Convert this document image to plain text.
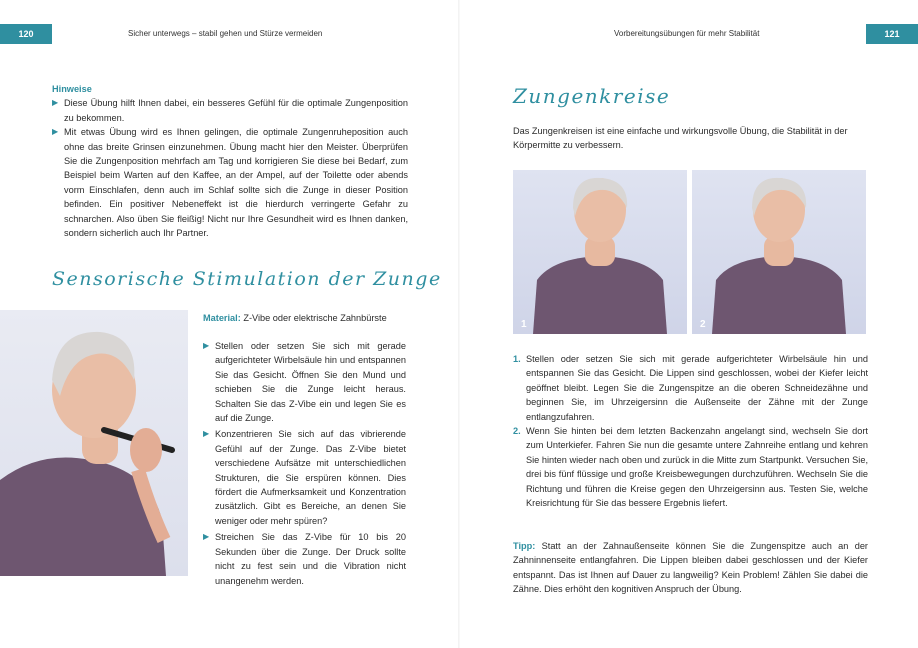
120	Sicher unterwegs – stabil gehen und Stürze vermeiden
Hinweise
▶ Diese Übung hilft Ihnen dabei, ein besseres Gefühl für die optimale Zungenposition zu bekommen.
▶ Mit etwas Übung wird es Ihnen gelingen, die optimale Zungenruheposition auch ohne das breite Grinsen einzunehmen. Übung macht hier den Meister. Überprüfen Sie die Zungenposition mehrfach am Tag und korrigieren Sie diese bei Bedarf, zum Beispiel beim Warten auf den Kaffee, an der Ampel, auf der Toilette oder abends vorm Einschlafen, denn auch im Schlaf sollte sich die Zunge in dieser Position befinden. Ein positiver Nebeneffekt ist die hierdurch verringerte Gefahr zu schnarchen. Also üben Sie fleißig! Nicht nur Ihre Gesundheit wird es Ihnen danken, sondern sicherlich auch Ihr Partner.
Sensorische Stimulation der Zunge
Material: Z-Vibe oder elektrische Zahnbürste
▶ Stellen oder setzen Sie sich mit gerade aufgerichteter Wirbelsäule hin und entspannen Sie das Gesicht. Öffnen Sie den Mund und schieben Sie die Zunge leicht heraus. Schalten Sie das Z-Vibe ein und legen Sie es auf die Zunge.
▶ Konzentrieren Sie sich auf das vibrierende Gefühl auf der Zunge. Das Z-Vibe bietet verschiedene Aufsätze mit unterschiedlichen Strukturen, die Sie erspüren können. Dies fördert die Aufmerksamkeit und Konzentration zusätzlich. Gibt es Bereiche, an denen Sie weniger oder mehr spüren?
▶ Streichen Sie das Z-Vibe für 10 bis 20 Sekunden über die Zunge. Der Druck sollte nicht zu fest sein und die Vibration nicht unangenehm werden.
Vorbereitungsübungen für mehr Stabilität	121
Zungenkreise
Das Zungenkreisen ist eine einfache und wirkungsvolle Übung, die Stabilität in der Körpermitte zu verbessern.
1	2
1. Stellen oder setzen Sie sich mit gerade aufgerichteter Wirbelsäule hin und entspannen Sie das Gesicht. Die Lippen sind geschlossen, wobei der Kiefer leicht geöffnet bleibt. Legen Sie die Zungenspitze an die oberen Schneidezähne und beginnen Sie, im Uhrzeigersinn die Außenseite der Zähne mit der Zunge entlangzufahren.
2. Wenn Sie hinten bei dem letzten Backenzahn angelangt sind, wechseln Sie dort zum Unterkiefer. Fahren Sie nun die gesamte untere Zahnreihe entlang und kehren Sie hinten wieder nach oben und zurück in die Mitte zum Startpunkt. Versuchen Sie, drei bis fünf flüssige und große Kreisbewegungen durchzuführen. Wechseln Sie die Richtung und führen die Kreise gegen den Uhrzeigersinn aus. Testen Sie, welche Kreisrichtung für Sie das bessere Ergebnis liefert.
Tipp: Statt an der Zahnaußenseite können Sie die Zungenspitze auch an der Zahninnenseite entlangfahren. Die Lippen bleiben dabei geschlossen und der Kiefer entspannt. Das ist Ihnen auf Dauer zu langweilig? Kein Problem! Zählen Sie dabei die Zähne. Dies erhöht den kognitiven Anspruch der Übung.
